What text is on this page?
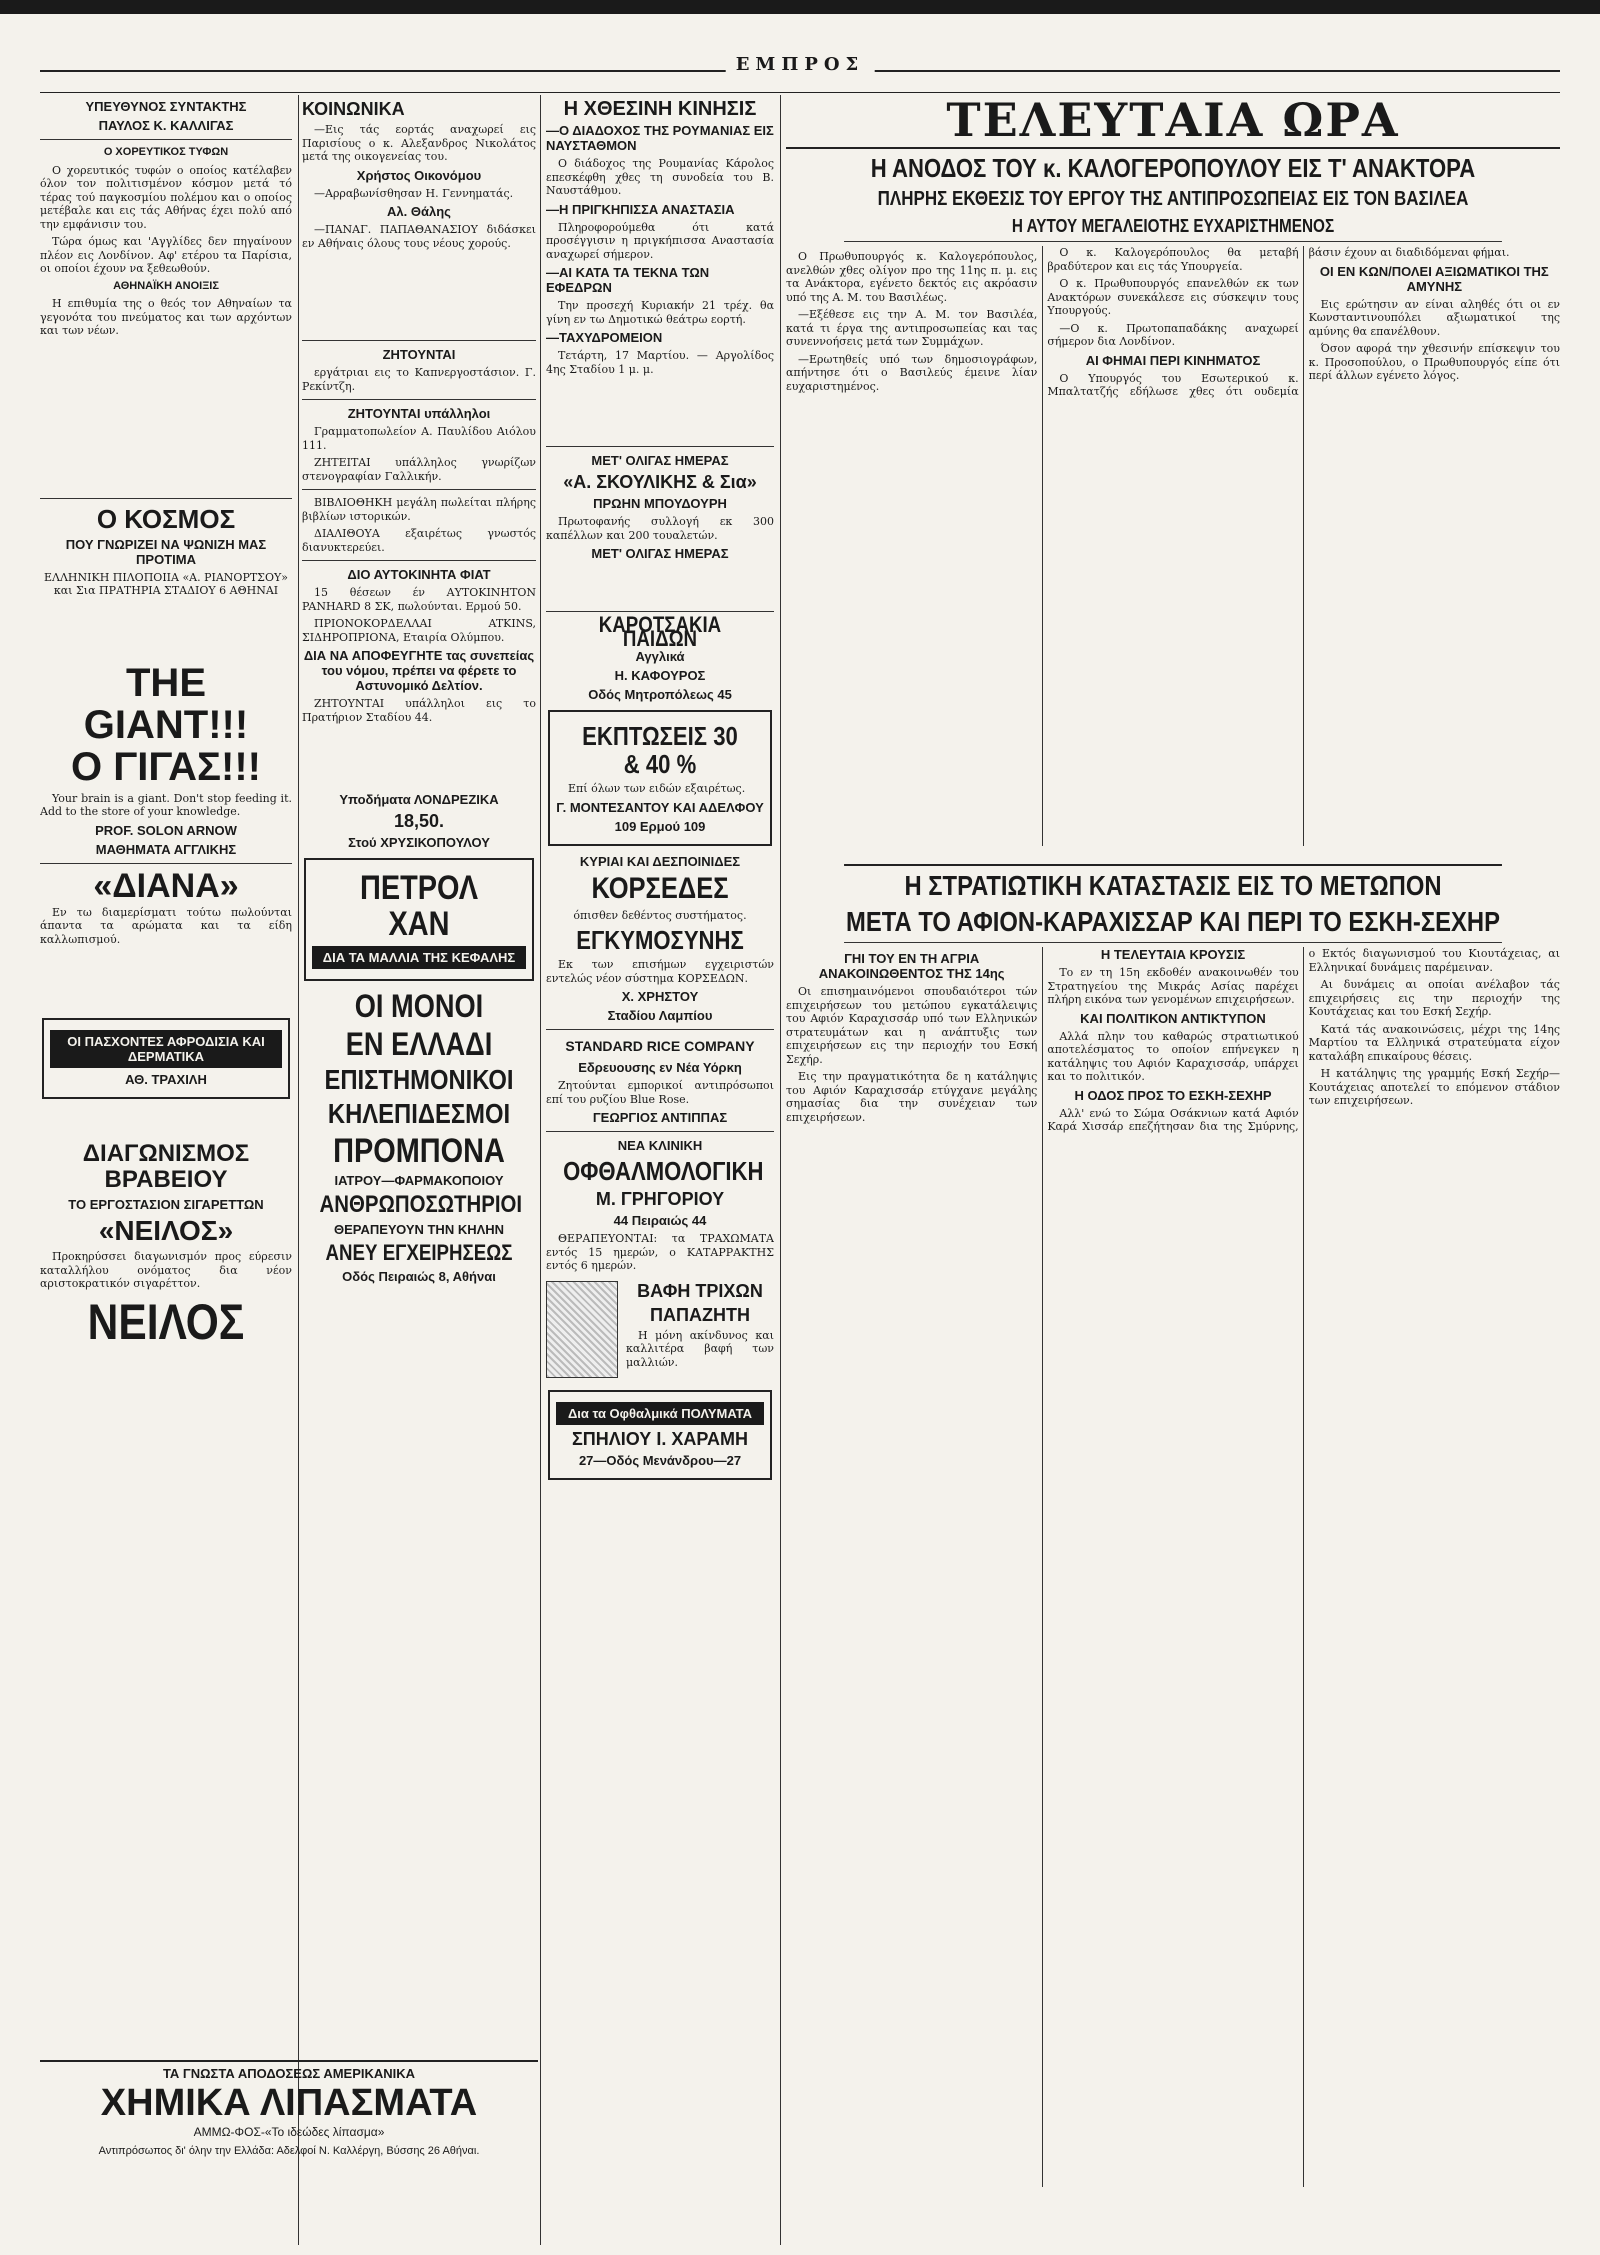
ΕΜΠΡΟΣ
ΥΠΕΥΘΥΝΟΣ ΣΥΝΤΑΚΤΗΣ
ΠΑΥΛΟΣ Κ. ΚΑΛΛΙΓΑΣ
Ο ΧΟΡΕΥΤΙΚΟΣ ΤΥΦΩΝ

Ο χορευτικός τυφών ο οποίος κατέλαβεν όλον τον πολιτισμένον κόσμον μετά τό τέρας τού παγκοσμίου πολέμου και ο οποίος μετέβαλε και εις τάς Αθήνας έχει πολύ από την εμφάνισιν του.

Τώρα όμως και 'Αγγλίδες δεν πηγαίνουν πλέον εις Λονδίνον. Αφ' ετέρου τα Παρίσια, οι οποίοι έχουν να ξεθεωθούν.

ΑΘΗΝΑΪΚΗ ΑΝΟΙΞΙΣ

Η επιθυμία της ο θεός τον Αθηναίων τα γεγονότα του πνεύματος και των αρχόντων και των νέων.

Ο ΚΟΣΜΟΣ
ΠΟΥ ΓΝΩΡΙΖΕΙ ΝΑ ΨΩΝΙΖΗ ΜΑΣ ΠΡΟΤΙΜΑ

ΕΛΛΗΝΙΚΗ ΠΙΛΟΠΟΙΙΑ «Α. ΡΙΑΝΟΡΤΣΟΥ» και Σια ΠΡΑΤΗΡΙΑ ΣΤΑΔΙΟΥ 6 ΑΘΗΝΑΙ

THE GIANT!!!
Ο ΓΙΓΑΣ!!!

Your brain is a giant. Don't stop feeding it. Add to the store of your knowledge.

PROF. SOLON ARNOW
ΜΑΘΗΜΑΤΑ ΑΓΓΛΙΚΗΣ
«ΔΙΑΝΑ»

Εν τω διαμερίσματι τούτω πωλούνται άπαντα τα αρώματα και τα είδη καλλωπισμού.

ΟΙ ΠΑΣΧΟΝΤΕΣ ΑΦΡΟΔΙΣΙΑ ΚΑΙ ΔΕΡΜΑΤΙΚΑ
ΑΘ. ΤΡΑΧΙΛΗ
ΔΙΑΓΩΝΙΣΜΟΣ ΒΡΑΒΕΙΟΥ
ΤΟ ΕΡΓΟΣΤΑΣΙΟΝ ΣΙΓΑΡΕΤΤΩΝ
«ΝΕΙΛΟΣ»

Προκηρύσσει διαγωνισμόν προς εύρεσιν καταλλήλου ονόματος δια νέον αριστοκρατικόν σιγαρέττον.

ΝΕΙΛΟΣ
ΤΑ ΓΝΩΣΤΑ ΑΠΟΔΟΣΕΩΣ ΑΜΕΡΙΚΑΝΙΚΑ
ΧΗΜΙΚΑ ΛΙΠΑΣΜΑΤΑ
ΑΜΜΩ-ΦΟΣ-«Το ιδεώδες λίπασμα»
Αντιπρόσωπος δι' όλην την Ελλάδα: Αδελφοί Ν. Καλλέργη, Βύσσης 26 Αθήναι.
ΚΟΙΝΩΝΙΚΑ

—Εις τάς εορτάς αναχωρεί εις Παρισίους ο κ. Αλεξανδρος Νικολάτος μετά της οικογενείας του.

Χρήστος Οικονόμου

—Αρραβωνίσθησαν Η. Γεννηματάς.

Αλ. Θάλης

—ΠΑΝΑΓ. ΠΑΠΑΘΑΝΑΣΙΟΥ διδάσκει εν Αθήναις όλους τους νέους χορούς.

ΖΗΤΟΥΝΤΑΙ

εργάτριαι εις το Καπνεργοστάσιον. Γ. Ρεκίντζη.

ΖΗΤΟΥΝΤΑΙ υπάλληλοι

Γραμματοπωλείον Α. Παυλίδου Αιόλου 111.

ΖΗΤΕΙΤΑΙ υπάλληλος γνωρίζων στενογραφίαν Γαλλικήν.

ΒΙΒΛΙΟΘΗΚΗ μεγάλη πωλείται πλήρης βιβλίων ιστορικών.

ΔΙΑΛΙΘΟΥΑ εξαιρέτως γνωστός διανυκτερεύει.

ΔΙΟ ΑΥΤΟΚΙΝΗΤΑ ΦΙΑΤ

15 θέσεων έν ΑΥΤΟΚΙΝΗΤΟΝ PANHARD 8 ΣΚ, πωλούνται. Ερμού 50.

ΠΡΙΟΝΟΚΟΡΔΕΛΛΑΙ ATKINS, ΣΙΔΗΡΟΠΡΙΟΝΑ, Εταιρία Ολύμπου.

ΔΙΑ ΝΑ ΑΠΟΦΕΥΓΗΤΕ τας συνεπείας του νόμου, πρέπει να φέρετε το Αστυνομικό Δελτίον.

ΖΗΤΟΥΝΤΑΙ υπάλληλοι εις το Πρατήριον Σταδίου 44.

Υποδήματα ΛΟΝΔΡΕΖΙΚΑ
18,50.
Στού ΧΡΥΣΙΚΟΠΟΥΛΟΥ
ΠΕΤΡΟΛ ΧΑΝ
ΔΙΑ ΤΑ ΜΑΛΛΙΑ ΤΗΣ ΚΕΦΑΛΗΣ
ΟΙ ΜΟΝΟΙ
ΕΝ ΕΛΛΑΔΙ
ΕΠΙΣΤΗΜΟΝΙΚΟΙ
ΚΗΛΕΠΙΔΕΣΜΟΙ
ΠΡΟΜΠΟΝΑ
ΙΑΤΡΟΥ—ΦΑΡΜΑΚΟΠΟΙΟΥ
ΑΝΘΡΩΠΟΣΩΤΗΡΙΟΙ
ΘΕΡΑΠΕΥΟΥΝ ΤΗΝ ΚΗΛΗΝ
ΑΝΕΥ ΕΓΧΕΙΡΗΣΕΩΣ
Οδός Πειραιώς 8, Αθήναι
Η ΧΘΕΣΙΝΗ ΚΙΝΗΣΙΣ
—Ο ΔΙΑΔΟΧΟΣ ΤΗΣ ΡΟΥΜΑΝΙΑΣ ΕΙΣ ΝΑΥΣΤΑΘΜΟΝ

Ο διάδοχος της Ρουμανίας Κάρολος επεσκέφθη χθες τη συνοδεία του Β. Ναυστάθμου.

—Η ΠΡΙΓΚΗΠΙΣΣΑ ΑΝΑΣΤΑΣΙΑ

Πληροφορούμεθα ότι κατά προσέγγισιν η πριγκήπισσα Αναστασία αναχωρεί σήμερον.

—ΑΙ ΚΑΤΑ ΤΑ ΤΕΚΝΑ ΤΩΝ ΕΦΕΔΡΩΝ

Την προσεχή Κυριακήν 21 τρέχ. θα γίνη εν τω Δημοτικώ θεάτρω εορτή.

—ΤΑΧΥΔΡΟΜΕΙΟΝ

Τετάρτη, 17 Μαρτίου. — Αργολίδος 4ης Σταδίου 1 μ. μ.

ΜΕΤ' ΟΛΙΓΑΣ ΗΜΕΡΑΣ
«Α. ΣΚΟΥΛΙΚΗΣ & Σια»
ΠΡΩΗΝ ΜΠΟΥΔΟΥΡΗ

Πρωτοφανής συλλογή εκ 300 καπέλλων και 200 τουαλετών.

ΜΕΤ' ΟΛΙΓΑΣ ΗΜΕΡΑΣ
ΚΑΡΟΤΣΑΚΙΑ ΠΑΙΔΩΝ
Αγγλικά
Η. ΚΑΦΟΥΡΟΣ
Οδός Μητροπόλεως 45
ΕΚΠΤΩΣΕΙΣ 30 & 40 %

Επί όλων των ειδών εξαιρέτως.

Γ. ΜΟΝΤΕΣΑΝΤΟΥ ΚΑΙ ΑΔΕΛΦΟΥ
109 Ερμού 109
ΚΥΡΙΑΙ ΚΑΙ ΔΕΣΠΟΙΝΙΔΕΣ
ΚΟΡΣΕΔΕΣ

όπισθεν δεθέντος συστήματος.

ΕΓΚΥΜΟΣΥΝΗΣ

Εκ των επισήμων εγχειριστών εντελώς νέον σύστημα ΚΟΡΣΕΔΩΝ.

Χ. ΧΡΗΣΤΟΥ
Σταδίου Λαμπίου
STANDARD RICE COMPANY
Εδρευουσης εν Νέα Υόρκη

Ζητούνται εμπορικοί αντιπρόσωποι επί του ρυζίου Blue Rose.

ΓΕΩΡΓΙΟΣ ΑΝΤΙΠΠΑΣ
ΝΕΑ ΚΛΙΝΙΚΗ
ΟΦΘΑΛΜΟΛΟΓΙΚΗ
Μ. ΓΡΗΓΟΡΙΟΥ
44 Πειραιώς 44

ΘΕΡΑΠΕΥΟΝΤΑΙ: τα ΤΡΑΧΩΜΑΤΑ εντός 15 ημερών, ο ΚΑΤΑΡΡΑΚΤΗΣ εντός 6 ημερών.

ΒΑΦΗ ΤΡΙΧΩΝ
ΠΑΠΑΖΗΤΗ

Η μόνη ακίνδυνος και καλλιτέρα βαφή των μαλλιών.

Δια τα Οφθαλμικά ΠΟΛΥΜΑΤΑ
ΣΠΗΛΙΟΥ Ι. ΧΑΡΑΜΗ
27—Οδός Μενάνδρου—27
ΤΕΛΕΥΤΑΙΑ ΩΡΑ
Η ΑΝΟΔΟΣ ΤΟΥ κ. ΚΑΛΟΓΕΡΟΠΟΥΛΟΥ ΕΙΣ Τ' ΑΝΑΚΤΟΡΑ
ΠΛΗΡΗΣ ΕΚΘΕΣΙΣ ΤΟΥ ΕΡΓΟΥ ΤΗΣ ΑΝΤΙΠΡΟΣΩΠΕΙΑΣ ΕΙΣ ΤΟΝ ΒΑΣΙΛΕΑ
Η ΑΥΤΟΥ ΜΕΓΑΛΕΙΟΤΗΣ ΕΥΧΑΡΙΣΤΗΜΕΝΟΣ

Ο Πρωθυπουργός κ. Καλογερόπουλος, ανελθών χθες ολίγον προ της 11ης π. μ. εις τα Ανάκτορα, εγένετο δεκτός εις ακρόασιν υπό της Α. Μ. του Βασιλέως.

—Εξέθεσε εις την Α. Μ. τον Βασιλέα, κατά τι έργα της αντιπροσωπείας και τας συνεννοήσεις μετά των Συμμάχων.

—Ερωτηθείς υπό των δημοσιογράφων, απήντησε ότι ο Βασιλεύς έμεινε λίαν ευχαριστημένος.

Ο κ. Καλογερόπουλος θα μεταβή βραδύτερον και εις τάς Υπουργεία.

Ο κ. Πρωθυπουργός επανελθών εκ των Ανακτόρων συνεκάλεσε εις σύσκεψιν τους Υπουργούς.

—Ο κ. Πρωτοπαπαδάκης αναχωρεί σήμερον δια Λονδίνον.

ΑΙ ΦΗΜΑΙ ΠΕΡΙ ΚΙΝΗΜΑΤΟΣ

Ο Υπουργός του Εσωτερικού κ. Μπαλτατζής εδήλωσε χθες ότι ουδεμία βάσιν έχουν αι διαδιδόμεναι φήμαι.

ΟΙ ΕΝ ΚΩΝ/ΠΟΛΕΙ ΑΞΙΩΜΑΤΙΚΟΙ ΤΗΣ ΑΜΥΝΗΣ

Εις ερώτησιν αν είναι αληθές ότι οι εν Κωνσταντινουπόλει αξιωματικοί της αμύνης θα επανέλθουν.

Όσον αφορά την χθεσινήν επίσκεψιν του κ. Προσοπούλου, ο Πρωθυπουργός είπε ότι περί άλλων εγένετο λόγος.

Η ΣΤΡΑΤΙΩΤΙΚΗ ΚΑΤΑΣΤΑΣΙΣ ΕΙΣ ΤΟ ΜΕΤΩΠΟΝ
ΜΕΤΑ ΤΟ ΑΦΙΟΝ-ΚΑΡΑΧΙΣΣΑΡ ΚΑΙ ΠΕΡΙ ΤΟ ΕΣΚΗ-ΣΕΧΗΡ
ΓΗΙ ΤΟΥ ΕΝ ΤΗ ΑΓΡΙΑ ΑΝΑΚΟΙΝΩΘΕΝΤΟΣ ΤΗΣ 14ης

Οι επισημαινόμενοι σπουδαιότεροι τών επιχειρήσεων του μετώπου εγκατάλειψις του Αφιόν Καραχισσάρ υπό των Ελληνικών στρατευμάτων και η ανάπτυξις των επιχειρήσεων εις την περιοχήν του Εσκή Σεχήρ.

Εις την πραγματικότητα δε η κατάληψις του Αφιόν Καραχισσάρ ετύγχανε μεγάλης σημασίας δια την συνέχειαν των επιχειρήσεων.

Η ΤΕΛΕΥΤΑΙΑ ΚΡΟΥΣΙΣ

Το εν τη 15η εκδοθέν ανακοινωθέν του Στρατηγείου της Μικράς Ασίας παρέχει πλήρη εικόνα των γενομένων επιχειρήσεων.

ΚΑΙ ΠΟΛΙΤΙΚΟΝ ΑΝΤΙΚΤΥΠΟΝ

Αλλά πλην του καθαρώς στρατιωτικού αποτελέσματος το οποίον επήνεγκεν η κατάληψις του Αφιόν Καραχισσάρ, υπάρχει και το πολιτικόν.

Η ΟΔΟΣ ΠΡΟΣ ΤΟ ΕΣΚΗ-ΣΕΧΗΡ

Αλλ' ενώ το Σώμα Οσάκνιων κατά Αφιόν Καρά Χισσάρ επεζήτησαν δια της Σμύρνης, ο Εκτός διαγωνισμού του Κιουτάχειας, αι Ελληνικαί δυνάμεις παρέμειναν.

Αι δυνάμεις αι οποίαι ανέλαβον τάς επιχειρήσεις εις την περιοχήν της Κουτάχειας και του Εσκή Σεχήρ.

Κατά τάς ανακοινώσεις, μέχρι της 14ης Μαρτίου τα Ελληνικά στρατεύματα είχον καταλάβη επικαίρους θέσεις.

Η κατάληψις της γραμμής Εσκή Σεχήρ—Κουτάχειας αποτελεί το επόμενον στάδιον των επιχειρήσεων.
